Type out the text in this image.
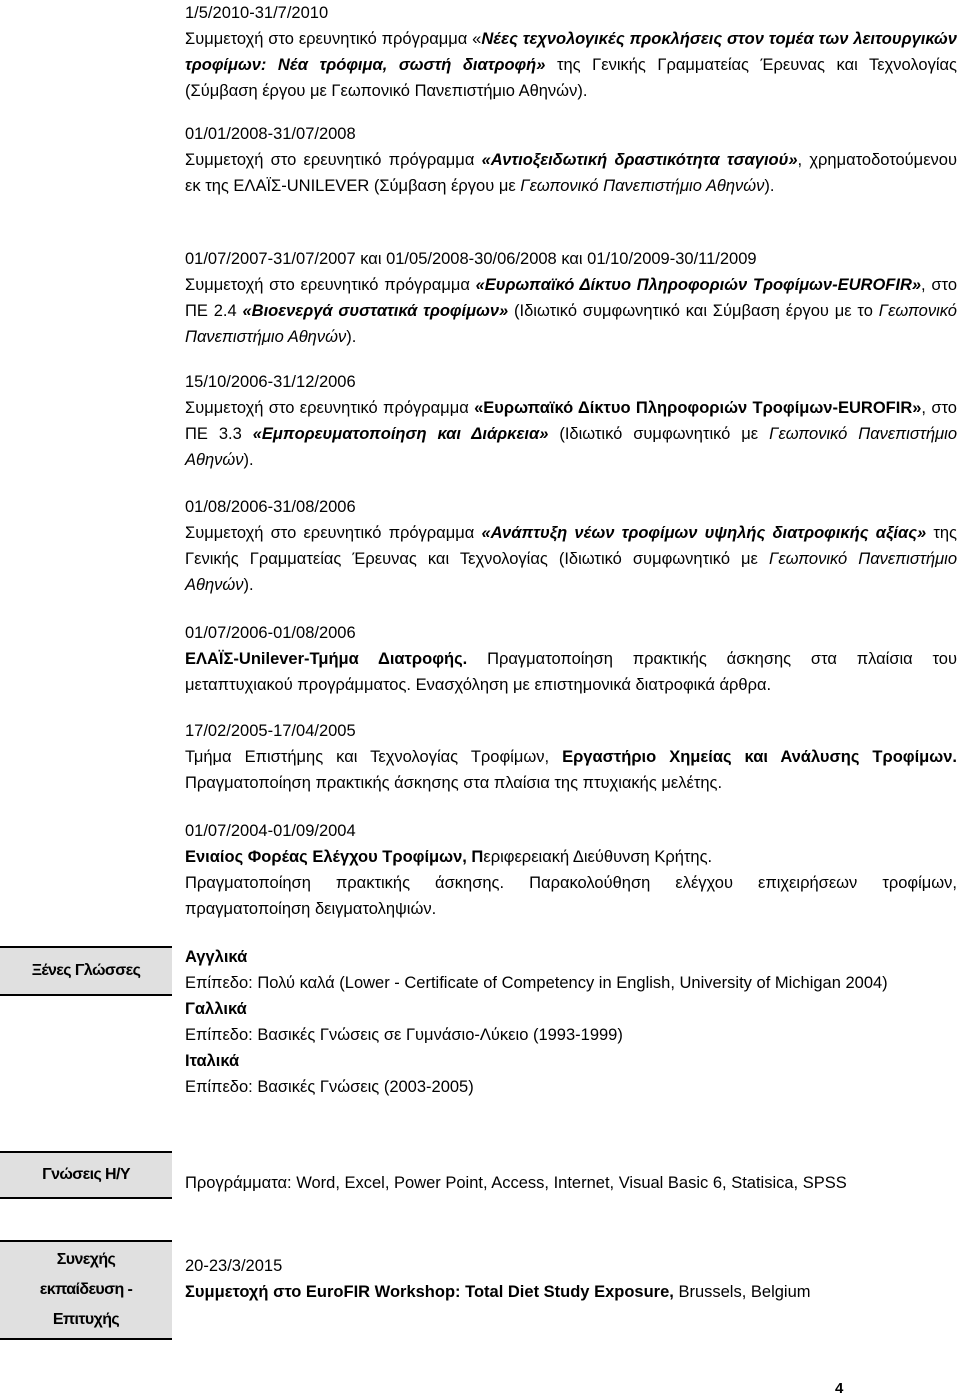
1/5/2010-31/7/2010

Συμμετοχή στο ερευνητικό πρόγραμμα «Νέες τεχνολογικές προκλήσεις στον τομέα των λειτουργικών τροφίμων: Νέα τρόφιμα, σωστή διατροφή» της Γενικής Γραμματείας Έρευνας και Τεχνολογίας (Σύμβαση έργου με Γεωπονικό Πανεπιστήμιο Αθηνών).

01/01/2008-31/07/2008

Συμμετοχή στο ερευνητικό πρόγραμμα «Αντιοξειδωτική δραστικότητα τσαγιού», χρηματοδοτούμενου εκ της ΕΛΑΪΣ-UNILEVER (Σύμβαση έργου με Γεωπονικό Πανεπιστήμιο Αθηνών).

01/07/2007-31/07/2007 και 01/05/2008-30/06/2008 και 01/10/2009-30/11/2009

Συμμετοχή στο ερευνητικό πρόγραμμα «Ευρωπαϊκό Δίκτυο Πληροφοριών Τροφίμων-EUROFIR», στο ΠΕ 2.4 «Βιοενεργά συστατικά τροφίμων» (Ιδιωτικό συμφωνητικό και Σύμβαση έργου με το Γεωπονικό Πανεπιστήμιο Αθηνών).

15/10/2006-31/12/2006

Συμμετοχή στο ερευνητικό πρόγραμμα «Ευρωπαϊκό Δίκτυο Πληροφοριών Τροφίμων-EUROFIR», στο ΠΕ 3.3 «Εμπορευματοποίηση και Διάρκεια» (Ιδιωτικό συμφωνητικό με Γεωπονικό Πανεπιστήμιο Αθηνών).

01/08/2006-31/08/2006

Συμμετοχή στο ερευνητικό πρόγραμμα «Ανάπτυξη νέων τροφίμων υψηλής διατροφικής αξίας» της Γενικής Γραμματείας Έρευνας και Τεχνολογίας (Ιδιωτικό συμφωνητικό με Γεωπονικό Πανεπιστήμιο Αθηνών).

01/07/2006-01/08/2006

ΕΛΑΪΣ-Unilever-Τμήμα Διατροφής. Πραγματοποίηση πρακτικής άσκησης στα πλαίσια του μεταπτυχιακού προγράμματος. Ενασχόληση με επιστημονικά διατροφικά άρθρα.

17/02/2005-17/04/2005

Τμήμα Επιστήμης και Τεχνολογίας Τροφίμων, Εργαστήριο Χημείας και Ανάλυσης Τροφίμων. Πραγματοποίηση πρακτικής άσκησης στα πλαίσια της πτυχιακής μελέτης.

01/07/2004-01/09/2004

Ενιαίος Φορέας Ελέγχου Τροφίμων, Περιφερειακή Διεύθυνση Κρήτης.
Πραγματοποίηση πρακτικής άσκησης. Παρακολούθηση ελέγχου επιχειρήσεων τροφίμων, πραγματοποίηση δειγματοληψιών.

Ξένες Γλώσσες
Αγγλικά
Επίπεδο: Πολύ καλά (Lower - Certificate of Competency in English, University of Michigan 2004)
Γαλλικά
Επίπεδο: Βασικές Γνώσεις σε Γυμνάσιο-Λύκειο (1993-1999)
Ιταλικά
Επίπεδο: Βασικές Γνώσεις (2003-2005)
Γνώσεις Η/Υ	Προγράμματα: Word, Excel, Power Point, Access, Internet, Visual Basic 6, Statisica, SPSS
Συνεχής
εκπαίδευση -
Επιτυχής
20-23/3/2015
Συμμετοχή στο EuroFIR Workshop: Total Diet Study Exposure, Brussels, Belgium
4
